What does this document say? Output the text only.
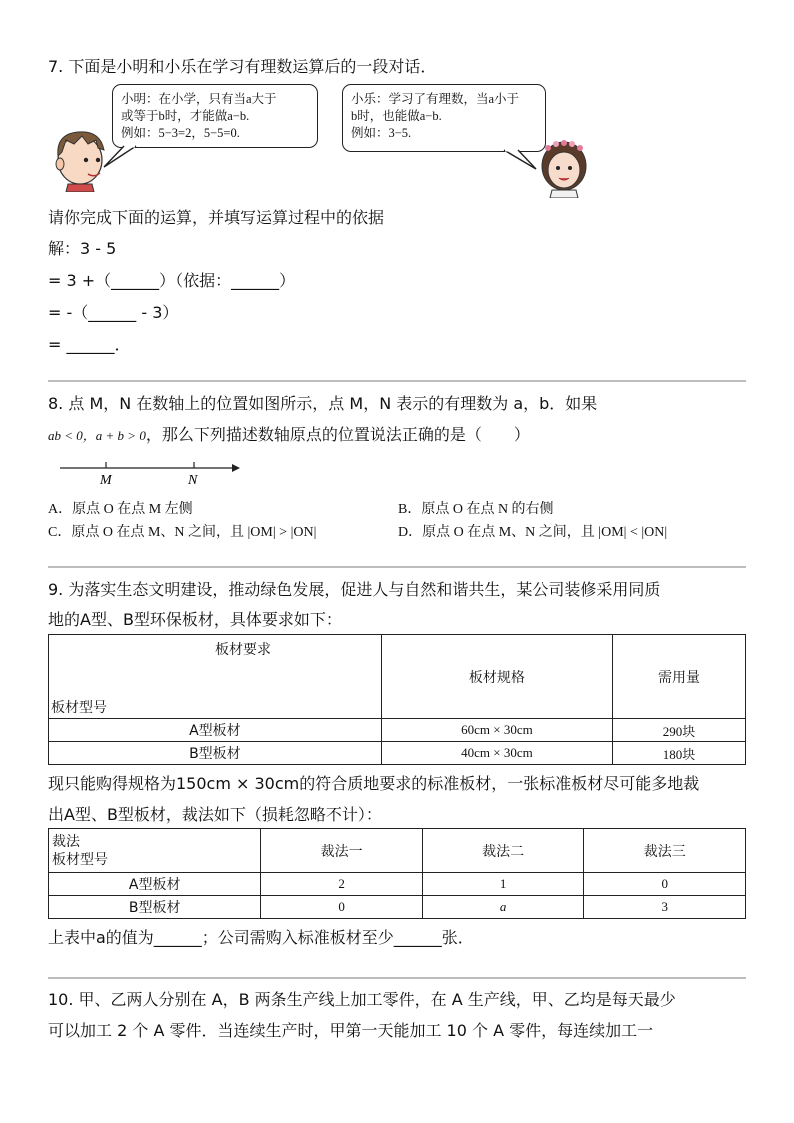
7. 下面是小明和小乐在学习有理数运算后的一段对话．
小明：在小学，只有当a大于
或等于b时，才能做a−b.
例如：5−3=2，5−5=0.
小乐：学习了有理数，当a小于
b时，也能做a−b.
例如：3−5.
请你完成下面的运算，并填写运算过程中的依据
解：3 - 5
= 3 +（______）（依据：______）
= -（______ - 3）
= ______．
8. 点 M，N 在数轴上的位置如图所示，点 M，N 表示的有理数为 a，b．如果
ab < 0，a + b > 0，那么下列描述数轴原点的位置说法正确的是（　　）
M	N
A．原点 O 在点 M 左侧	B．原点 O 在点 N 的右侧
C．原点 O 在点 M、N 之间，且 |OM| > |ON|	D．原点 O 在点 M、N 之间，且 |OM| < |ON|
9. 为落实生态文明建设，推动绿色发展，促进人与自然和谐共生，某公司装修采用同质
地的A型、B型环保板材，具体要求如下：
板材要求
板材型号	板材规格	需用量
A型板材	60cm × 30cm	290块
B型板材	40cm × 30cm	180块
现只能购得规格为150cm × 30cm的符合质地要求的标准板材，一张标准板材尽可能多地裁
出A型、B型板材，裁法如下（损耗忽略不计）：
裁法
板材型号	裁法一	裁法二	裁法三
A型板材	2	1	0
B型板材	0	a	3
上表中a的值为______；公司需购入标准板材至少______张．
10. 甲、乙两人分别在 A，B 两条生产线上加工零件，在 A 生产线，甲、乙均是每天最少
可以加工 2 个 A 零件．当连续生产时，甲第一天能加工 10 个 A 零件，每连续加工一
